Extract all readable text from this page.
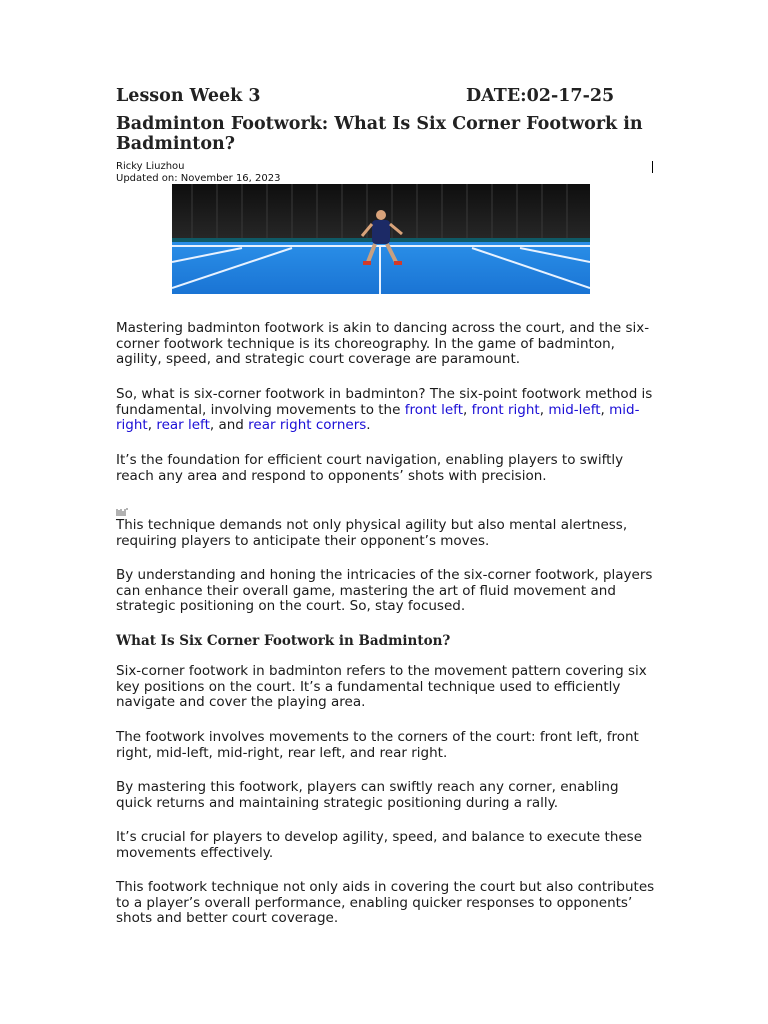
Lesson Week 3	DATE:02-17-25
Badminton Footwork: What Is Six Corner Footwork in Badminton?
Ricky Liuzhou
Updated on: November 16, 2023

Mastering badminton footwork is akin to dancing across the court, and the six-corner footwork technique is its choreography. In the game of badminton, agility, speed, and strategic court coverage are paramount.

So, what is six-corner footwork in badminton? The six-point footwork method is fundamental, involving movements to the front left, front right, mid-left, mid-right, rear left, and rear right corners.

It’s the foundation for efficient court navigation, enabling players to swiftly reach any area and respond to opponents’ shots with precision.

This technique demands not only physical agility but also mental alertness, requiring players to anticipate their opponent’s moves.

By understanding and honing the intricacies of the six-corner footwork, players can enhance their overall game, mastering the art of fluid movement and strategic positioning on the court. So, stay focused.

What Is Six Corner Footwork in Badminton?

Six-corner footwork in badminton refers to the movement pattern covering six key positions on the court. It’s a fundamental technique used to efficiently navigate and cover the playing area.

The footwork involves movements to the corners of the court: front left, front right, mid-left, mid-right, rear left, and rear right.

By mastering this footwork, players can swiftly reach any corner, enabling quick returns and maintaining strategic positioning during a rally.

It’s crucial for players to develop agility, speed, and balance to execute these movements effectively.

This footwork technique not only aids in covering the court but also contributes to a player’s overall performance, enabling quicker responses to opponents’ shots and better court coverage.
